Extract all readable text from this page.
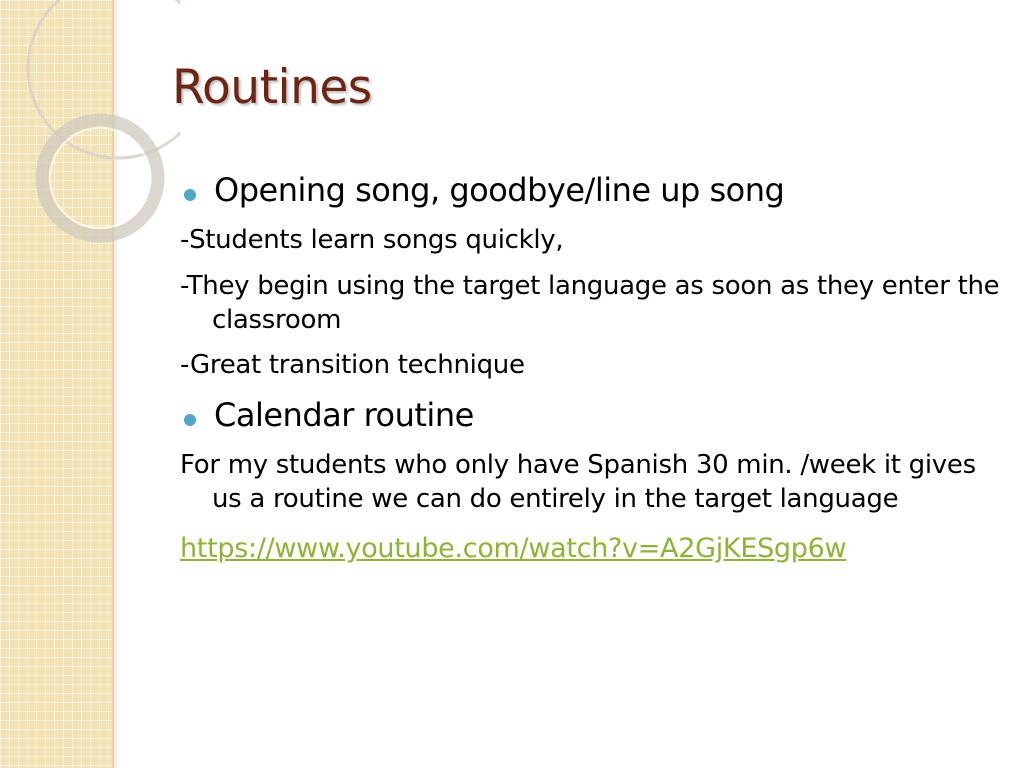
Routines
Opening song, goodbye/line up song

-Students learn songs quickly,

-They begin using the target language as soon as they enter the classroom

-Great transition technique

Calendar routine

For my students who only have Spanish 30 min. /week it gives us a routine we can do entirely in the target language

https://www.youtube.com/watch?v=A2GjKESgp6w
